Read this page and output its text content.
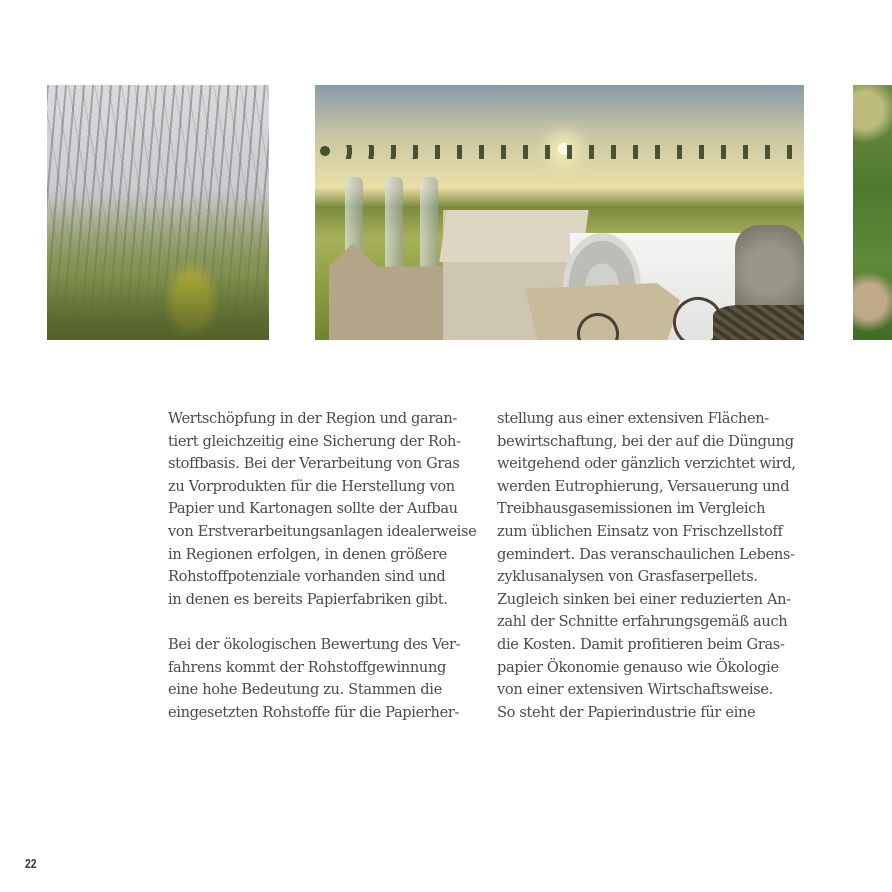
Wertschöpfung in der Region und garan-
tiert gleichzeitig eine Sicherung der Roh-
stoffbasis. Bei der Verarbeitung von Gras
zu Vorprodukten für die Herstellung von
Papier und Kartonagen sollte der Aufbau
von Erstverarbeitungsanlagen idealerweise
in Regionen erfolgen, in denen größere
Rohstoffpotenziale vorhanden sind und
in denen es bereits Papierfabriken gibt.

Bei der ökologischen Bewertung des Ver-
fahrens kommt der Rohstoffgewinnung
eine hohe Bedeutung zu. Stammen die
eingesetzten Rohstoffe für die Papierher-

stellung aus einer extensiven Flächen-
bewirtschaftung, bei der auf die Düngung
weitgehend oder gänzlich verzichtet wird,
werden Eutrophierung, Versauerung und
Treibhausgasemissionen im Vergleich
zum üblichen Einsatz von Frischzellstoff
gemindert. Das veranschaulichen Lebens-
zyklusanalysen von Grasfaserpellets.
Zugleich sinken bei einer reduzierten An-
zahl der Schnitte erfahrungsgemäß auch
die Kosten. Damit profitieren beim Gras-
papier Ökonomie genauso wie Ökologie
von einer extensiven Wirtschaftsweise.
So steht der Papierindustrie für eine

22
